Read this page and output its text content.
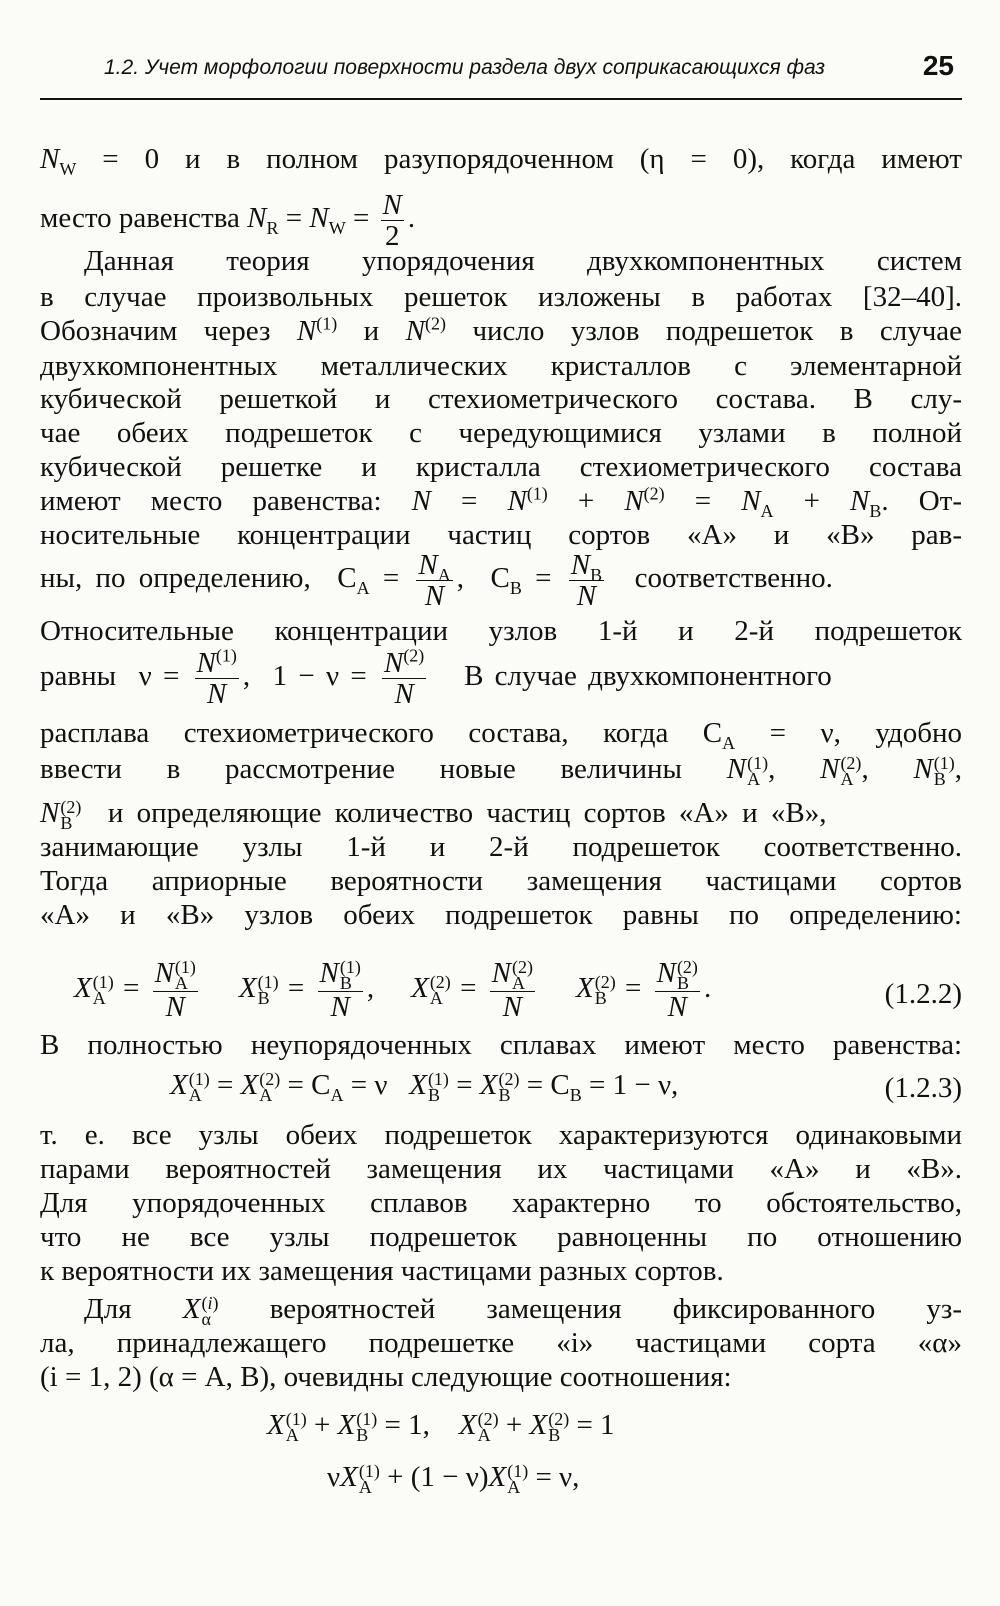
1.2. Учет морфологии поверхности раздела двух соприкасающихся фаз	25
$N_W = 0$ и в полном разупорядоченном (η = 0), когда имеют
место равенства $N_R = N_W = \frac{N}{2}$ .
Данная теория упорядочения двухкомпонентных систем
в случае произвольных решеток изложены в работах [32–40].
Обозначим через $N^{(1)}$ и $N^{(2)}$ число узлов подрешеток в случае
двухкомпонентных металлических кристаллов с элементарной
кубической решеткой и стехиометрического состава. В слу-
чае обеих подрешеток с чередующимися узлами в полной
кубической решетке и кристалла стехиометрического состава
имеют место равенства: $N = N^{(1)} + N^{(2)} = N_A + N_B$. От-
носительные концентрации частиц сортов «А» и «В» рав-
ны, по определению,  $C_A = \frac{N_A}{N}$ ,  $C_B = \frac{N_B}{N}$ соответственно.
Относительные концентрации узлов 1-й и 2-й подрешеток
равны  $\nu = \frac{N^{(1)}}{N}$ ,  $1 - \nu = \frac{N^{(2)}}{N}$ В случае двухкомпонентного
расплава стехиометрического состава, когда $C_A = \nu$, удобно
ввести в рассмотрение новые величины N (1)
A , N (2)
A , N (1)
B ,
N (2)
B	и определяющие количество частиц сортов «А» и «В»,
занимающие узлы 1-й и 2-й подрешеток соответственно.
Тогда априорные вероятности замещения частицами сортов
«А» и «В» узлов обеих подрешеток равны по определению:
X (1)
A = N (1)
A
N X (1)
B = N (1)
B
N ,    X (2)
A = N (2)
A
N X (2)
B = N (2)
B
N .	(1.2.2)
В полностью неупорядоченных сплавах имеют место равенства:
X (1)
A = X (2)
$A = C_A = \nu$ X (1)
B = X (2)
$B = C_B = 1 - \nu$,	(1.2.3)
т. е. все узлы обеих подрешеток характеризуются одинаковыми
парами вероятностей замещения их частицами «А» и «В».
Для упорядоченных сплавов характерно то обстоятельство,
что не все узлы подрешеток равноценны по отношению
к вероятности их замещения частицами разных сортов.
Для X (i)
α вероятностей замещения фиксированного уз-
ла, принадлежащего подрешетке «i» частицами сорта «α»
(i = 1, 2) (α = A, B), очевидны следующие соотношения:
X (1)
A + X (1)
B = 1, X (2)
A + X (2)
B = 1
νX (1)
A + (1 − ν)X (1)
A = ν,
